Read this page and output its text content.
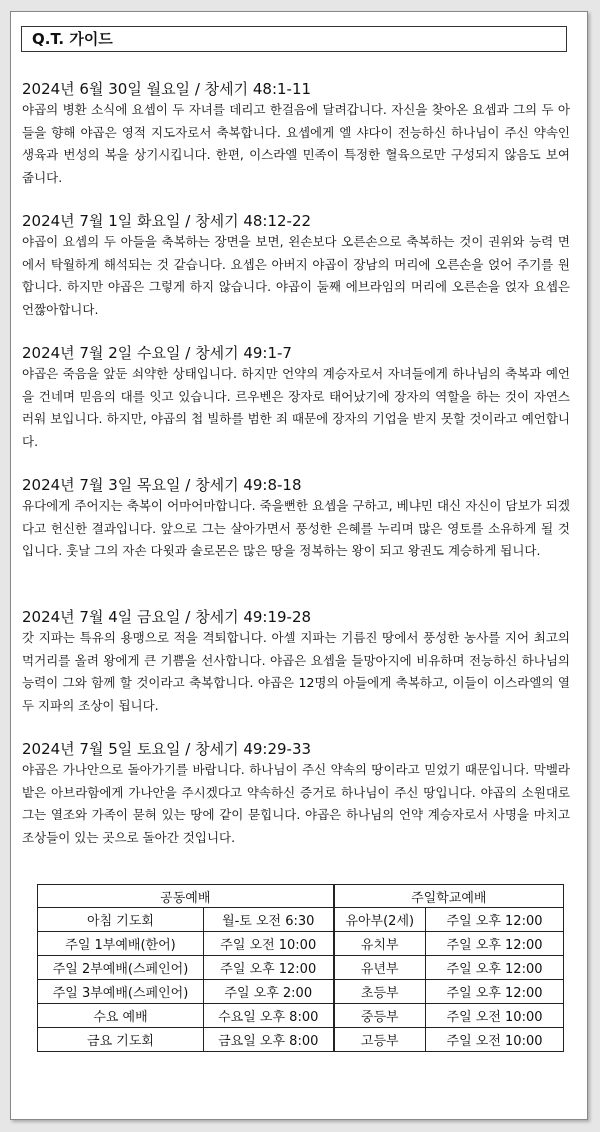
Q.T. 가이드
2024년 6월 30일 월요일 / 창세기 48:1-11

야곱의 병환 소식에 요셉이 두 자녀를 데리고 한걸음에 달려갑니다. 자신을 찾아온 요셉과 그의 두 아들을 향해 야곱은 영적 지도자로서 축복합니다. 요셉에게 엘 샤다이 전능하신 하나님이 주신 약속인 생육과 번성의 복을 상기시킵니다. 한편, 이스라엘 민족이 특정한 혈육으로만 구성되지 않음도 보여 줍니다.

2024년 7월 1일 화요일 / 창세기 48:12-22

야곱이 요셉의 두 아들을 축복하는 장면을 보면, 왼손보다 오른손으로 축복하는 것이 권위와 능력 면에서 탁월하게 해석되는 것 같습니다. 요셉은 아버지 야곱이 장남의 머리에 오른손을 얹어 주기를 원합니다. 하지만 야곱은 그렇게 하지 않습니다. 야곱이 둘째 에브라임의 머리에 오른손을 얹자 요셉은 언짢아합니다.

2024년 7월 2일 수요일 / 창세기 49:1-7

야곱은 죽음을 앞둔 쇠약한 상태입니다. 하지만 언약의 계승자로서 자녀들에게 하나님의 축복과 예언을 건네며 믿음의 대를 잇고 있습니다. 르우벤은 장자로 태어났기에 장자의 역할을 하는 것이 자연스러워 보입니다. 하지만, 야곱의 첩 빌하를 범한 죄 때문에 장자의 기업을 받지 못할 것이라고 예언합니다.

2024년 7월 3일 목요일 / 창세기 49:8-18

유다에게 주어지는 축복이 어마어마합니다. 죽을뻔한 요셉을 구하고, 베냐민 대신 자신이 담보가 되겠다고 헌신한 결과입니다. 앞으로 그는 살아가면서 풍성한 은혜를 누리며 많은 영토를 소유하게 될 것입니다. 훗날 그의 자손 다윗과 솔로몬은 많은 땅을 정복하는 왕이 되고 왕권도 계승하게 됩니다.

2024년 7월 4일 금요일 / 창세기 49:19-28

갓 지파는 특유의 용맹으로 적을 격퇴합니다. 아셀 지파는 기름진 땅에서 풍성한 농사를 지어 최고의 먹거리를 올려 왕에게 큰 기쁨을 선사합니다. 야곱은 요셉을 들망아지에 비유하며 전능하신 하나님의 능력이 그와 함께 할 것이라고 축복합니다. 야곱은 12명의 아들에게 축복하고, 이들이 이스라엘의 열두 지파의 조상이 됩니다.

2024년 7월 5일 토요일 / 창세기 49:29-33

야곱은 가나안으로 돌아가기를 바랍니다. 하나님이 주신 약속의 땅이라고 믿었기 때문입니다. 막벨라 밭은 아브라함에게 가나안을 주시겠다고 약속하신 증거로 하나님이 주신 땅입니다. 야곱의 소원대로 그는 열조와 가족이 묻혀 있는 땅에 같이 묻힙니다. 야곱은 하나님의 언약 계승자로서 사명을 마치고 조상들이 있는 곳으로 돌아간 것입니다.

공동예배		주일학교예배	
아침 기도회	월-토 오전 6:30	유아부(2세)	주일 오후 12:00
주일 1부예배(한어)	주일 오전 10:00	유치부	주일 오후 12:00
주일 2부예배(스페인어)	주일 오후 12:00	유년부	주일 오후 12:00
주일 3부예배(스페인어)	주일 오후 2:00	초등부	주일 오후 12:00
수요 예배	수요일 오후 8:00	중등부	주일 오전 10:00
금요 기도회	금요일 오후 8:00	고등부	주일 오전 10:00
